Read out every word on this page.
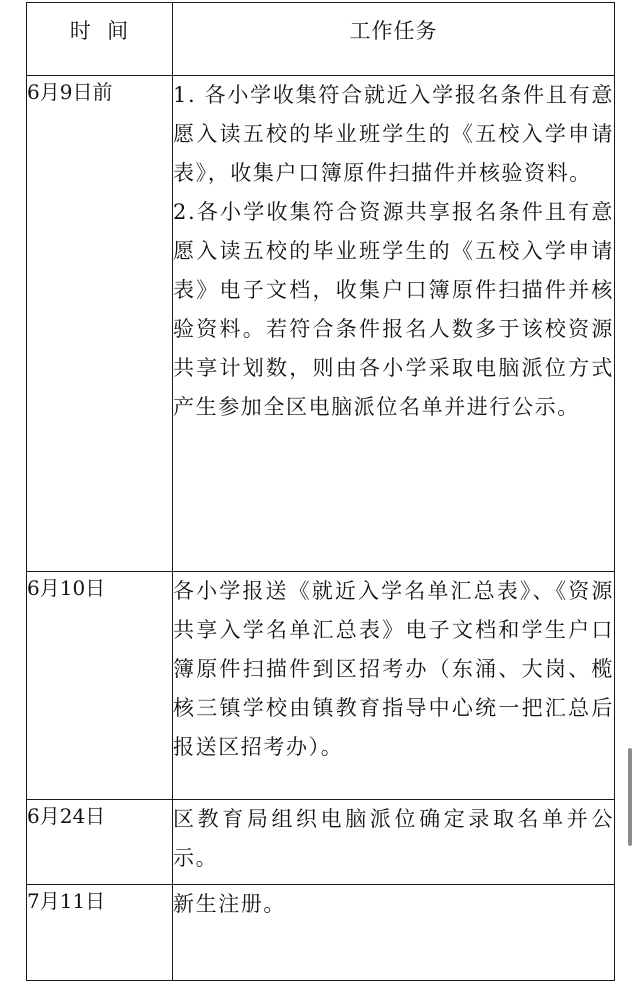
时  间	工作任务

6月9日前	1. 各小学收集符合就近入学报名条件且有意愿入读五校的毕业班学生的《五校入学申请表》，收集户口簿原件扫描件并核验资料。

2.各小学收集符合资源共享报名条件且有意愿入读五校的毕业班学生的《五校入学申请表》电子文档，收集户口簿原件扫描件并核验资料。若符合条件报名人数多于该校资源共享计划数，则由各小学采取电脑派位方式产生参加全区电脑派位名单并进行公示。

6月10日	各小学报送《就近入学名单汇总表》、《资源共享入学名单汇总表》电子文档和学生户口簿原件扫描件到区招考办（东涌、大岗、榄核三镇学校由镇教育指导中心统一把汇总后报送区招考办）。

6月24日	区教育局组织电脑派位确定录取名单并公示。

7月11日	新生注册。
